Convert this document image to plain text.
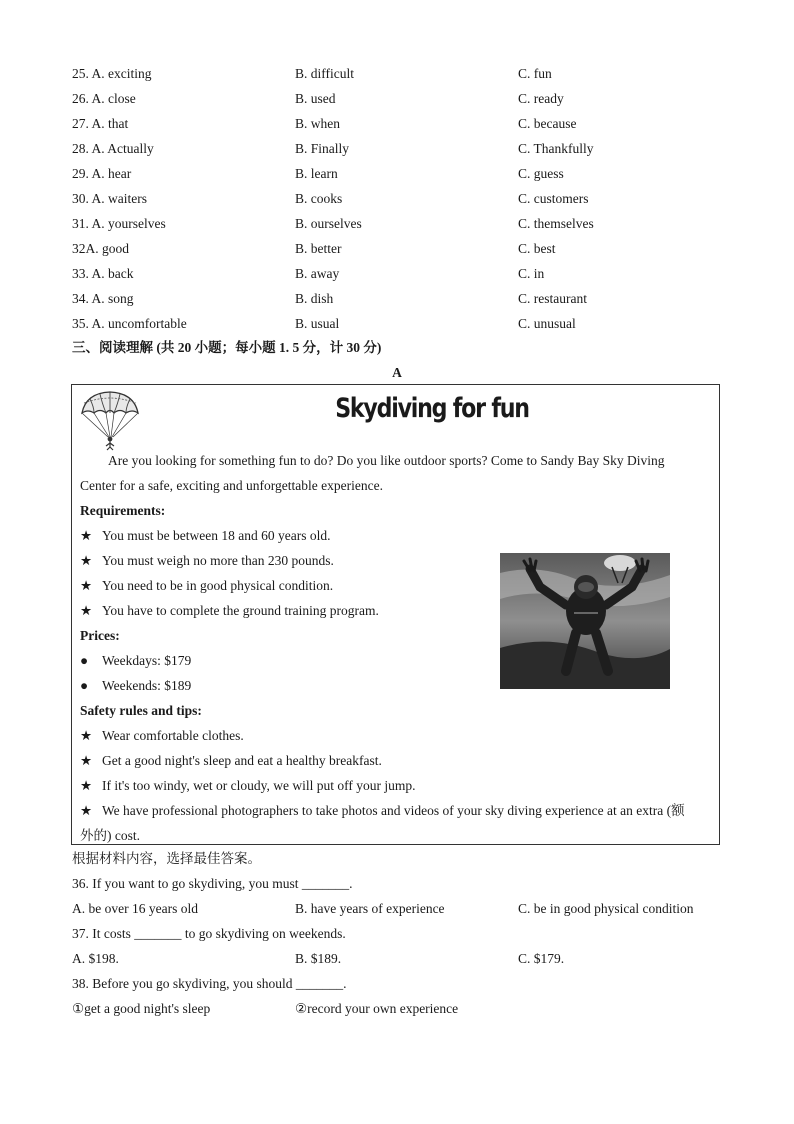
25. A. exciting	B. difficult	C. fun
26. A. close	B. used	C. ready
27. A. that	B. when	C. because
28. A. Actually	B. Finally	C. Thankfully
29. A. hear	B. learn	C. guess
30. A. waiters	B. cooks	C. customers
31. A. yourselves	B. ourselves	C. themselves
32A. good	B. better	C. best
33. A. back	B. away	C. in
34. A. song	B. dish	C. restaurant
35. A. uncomfortable	B. usual	C. unusual
三、阅读理解 (共 20 小题；每小题 1. 5 分，计 30 分)
A
Skydiving for fun
Are you looking for something fun to do? Do you like outdoor sports? Come to Sandy Bay Sky Diving
Center for a safe, exciting and unforgettable experience.
Requirements:
★ You must be between 18 and 60 years old.
★ You must weigh no more than 230 pounds.
★ You need to be in good physical condition.
★ You have to complete the ground training program.
Prices:
● Weekdays: $179
● Weekends: $189
Safety rules and tips:
★ Wear comfortable clothes.
★ Get a good night's sleep and eat a healthy breakfast.
★ If it's too windy, wet or cloudy, we will put off your jump.
★ We have professional photographers to take photos and videos of your sky diving experience at an extra (额
外的) cost.
根据材料内容，选择最佳答案。
36. If you want to go skydiving, you must _______.
A. be over 16 years old	B. have years of experience	C. be in good physical condition
37. It costs _______ to go skydiving on weekends.
A. $198.	B. $189.	C. $179.
38. Before you go skydiving, you should _______.
①get a good night's sleep	②record your own experience
